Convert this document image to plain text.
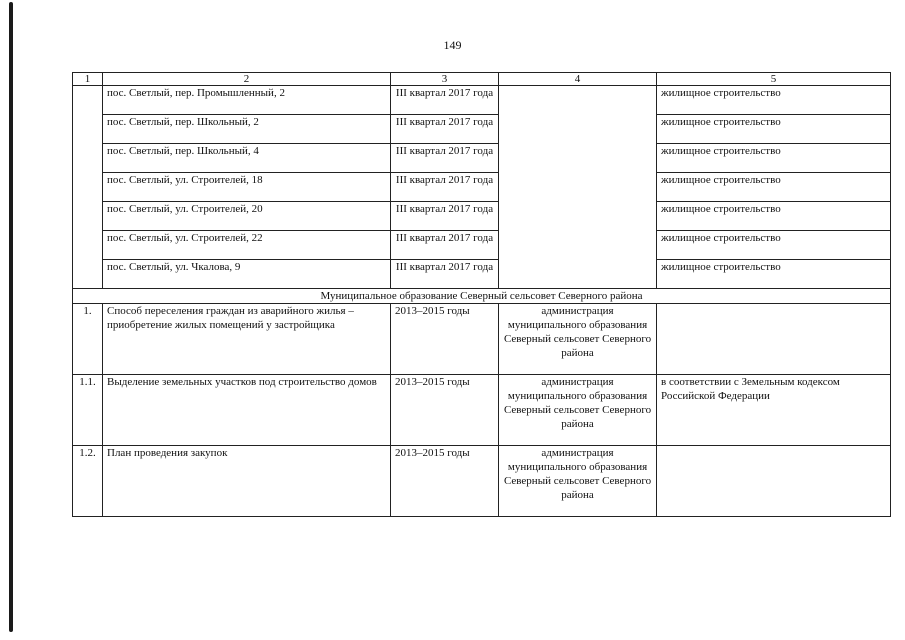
149
1	2	3	4	5
	пос. Светлый, пер. Промышленный, 2	III квартал 2017 года		жилищное строительство
	пос. Светлый, пер. Школьный, 2	III квартал 2017 года		жилищное строительство
	пос. Светлый, пер. Школьный, 4	III квартал 2017 года		жилищное строительство
	пос. Светлый, ул. Строителей, 18	III квартал 2017 года		жилищное строительство
	пос. Светлый, ул. Строителей, 20	III квартал 2017 года		жилищное строительство
	пос. Светлый, ул. Строителей, 22	III квартал 2017 года		жилищное строительство
	пос. Светлый, ул. Чкалова, 9	III квартал 2017 года		жилищное строительство
Муниципальное образование Северный сельсовет Северного района				
1.	Способ переселения граждан из аварийного жилья – приобретение жилых помещений у застройщика	2013–2015 годы	администрация муниципального образования Северный сельсовет Северного района	
1.1.	Выделение земельных участков под строительство домов	2013–2015 годы	администрация муниципального образования Северный сельсовет Северного района	в соответствии с Земельным кодексом Российской Федерации
1.2.	План проведения закупок	2013–2015 годы	администрация муниципального образования Северный сельсовет Северного района	
